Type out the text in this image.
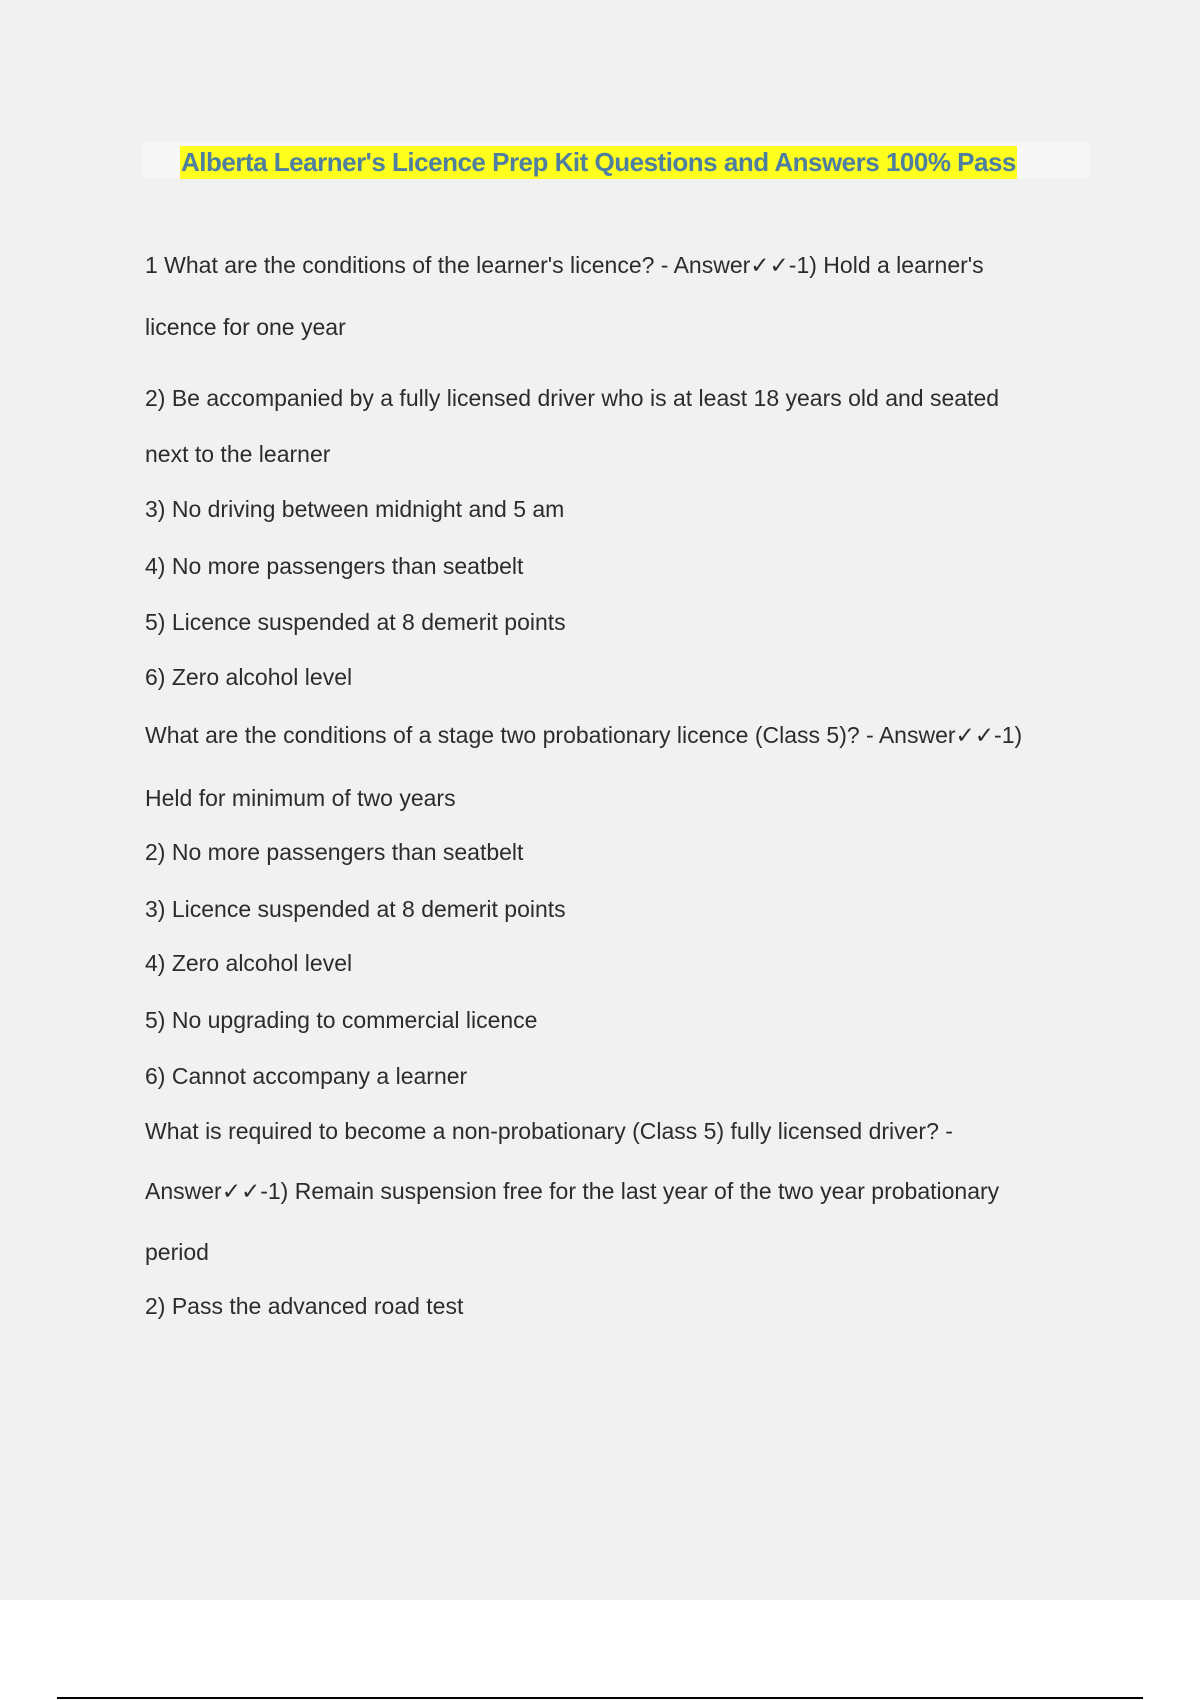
Alberta Learner's Licence Prep Kit Questions and Answers 100% Pass
1 What are the conditions of the learner's licence? - Answer✓✓-1) Hold a learner's
licence for one year
2) Be accompanied by a fully licensed driver who is at least 18 years old and seated
next to the learner
3) No driving between midnight and 5 am
4) No more passengers than seatbelt
5) Licence suspended at 8 demerit points
6) Zero alcohol level
What are the conditions of a stage two probationary licence (Class 5)? - Answer✓✓-1)
Held for minimum of two years
2) No more passengers than seatbelt
3) Licence suspended at 8 demerit points
4) Zero alcohol level
5) No upgrading to commercial licence
6) Cannot accompany a learner
What is required to become a non-probationary (Class 5) fully licensed driver? -
Answer✓✓-1) Remain suspension free for the last year of the two year probationary
period
2) Pass the advanced road test
